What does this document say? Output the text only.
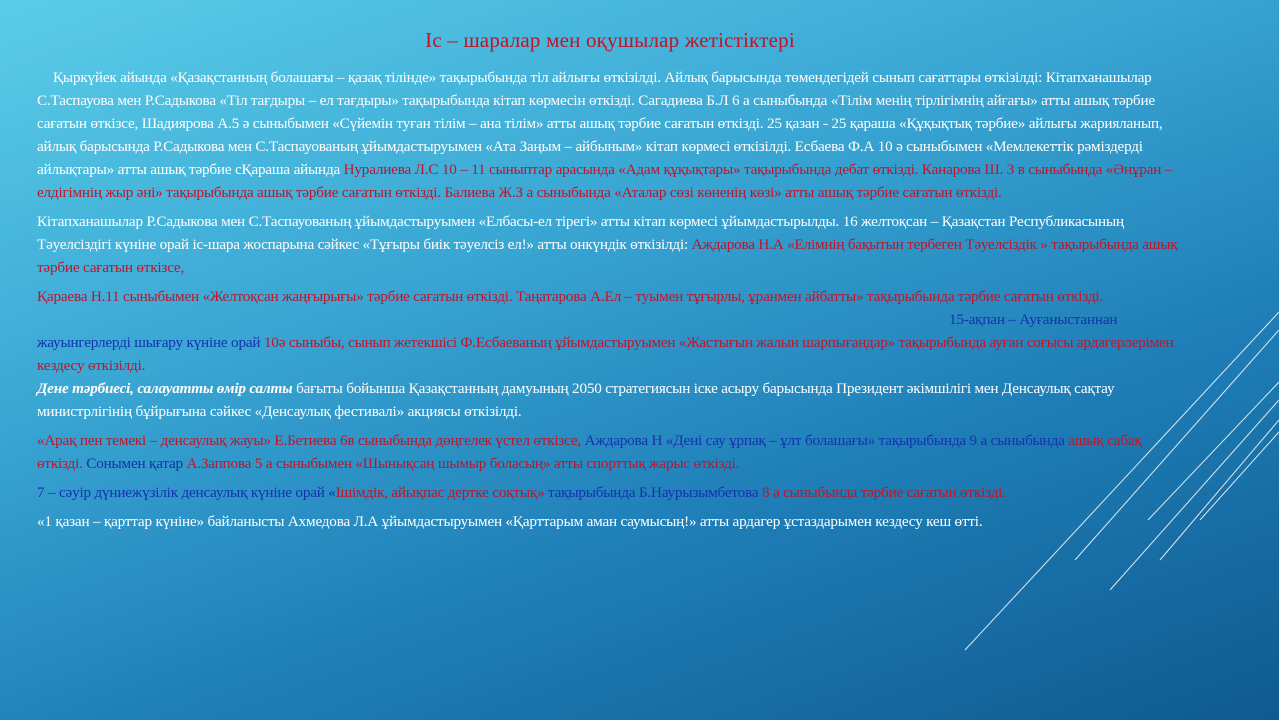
Іс – шаралар мен оқушылар жетістіктері

Қыркүйек айында «Қазақстанның болашағы – қазақ тілінде» тақырыбында тіл айлығы өткізілді. Айлық барысында төмендегідей сынып сағаттары өткізілді: Кітапханашылар С.Таспауова мен Р.Садыкова «Тіл тағдыры – ел тағдыры» тақырыбында кітап көрмесін өткізді. Сагадиева Б.Л 6 а сыныбында «Тілім менің тірлігімнің айғағы» атты ашық тәрбие сағатын өткізсе, Шадиярова А.5 ә сыныбымен «Сүйемін туған тілім – ана тілім» атты ашық тәрбие сағатын өткізді. 25 қазан - 25 қараша «Құқықтық тәрбие» айлығы жарияланып, айлық барысында Р.Садыкова мен С.Таспауованың ұйымдастыруымен «Ата Заңым – айбыным» кітап көрмесі өткізілді. Есбаева Ф.А 10 ә сыныбымен «Мемлекеттік рәміздерді айлықтары» атты ашық тәрбие сҚараша айында Нуралиева Л.С 10 – 11 сыныптар арасында «Адам құқықтары» тақырыбында дебат өткізді. Канарова Ш. 3 в сыныбында «Әнұран – елдігімнің жыр әні» тақырыбында ашық тәрбие сағатын өткізді. Балиева Ж.З а сыныбында «Аталар сөзі көненің көзі» атты ашық тәрбие сағатын өткізді.

Кітапханашылар Р.Садыкова мен С.Таспауованың ұйымдастыруымен «Елбасы-ел тірегі» атты кітап көрмесі ұйымдастырылды. 16 желтоқсан – Қазақстан Республикасының Тәуелсіздігі күніне орай іс-шара жоспарына сәйкес «Тұғыры биік тәуелсіз ел!» атты онкүндік өткізілді: Аждарова Н.А «Елімнің бақытын тербеген Тәуелсіздік » тақырыбында ашық тәрбие сағатын өткізсе,

Қараева Н.11 сыныбымен «Желтоқсан жаңғырығы» тәрбие сағатын өткізді. Таңатарова А.Ел – туымен тұғырлы, ұранмен айбатты» тақырыбында тәрбие сағатын өткізді.15-ақпан – Ауғаныстаннан жауынгерлерді шығару күніне орай 10ә сыныбы, сынып жетекшісі Ф.Есбаеваның ұйымдастыруымен «Жастығын жалын шарпығандар» тақырыбында ауған соғысы ардагерлерімен кездесу өткізілді.

Дене тәрбиесі, салауатты өмір салты бағыты бойынша Қазақстанның дамуының 2050 стратегиясын іске асыру барысында Президент әкімшілігі мен Денсаулық сақтау министрлігінің бұйрығына сәйкес «Денсаулық фестивалі» акциясы өткізілді.

«Арақ пен темекі – денсаулық жауы» Е.Бетиева 6в сыныбында дөңгелек үстел өткізсе, Аждарова Н «Дені сау ұрпақ – ұлт болашағы» тақырыбында 9 а сыныбында ашық сабақ өткізді. Сонымен қатар А.Заппова 5 а сыныбымен «Шынықсаң шымыр боласың» атты спорттық жарыс өткізді.

7 – сәуір дүниежүзілік денсаулық күніне орай «Ішімдік, айықпас дертке соқтық» тақырыбында Б.Наурызымбетова 8 ә сыныбында тәрбие сағатын өткізді.

«1 қазан – қарттар күніне» байланысты Ахмедова Л.А ұйымдастыруымен «Қарттарым аман саумысың!» атты ардагер ұстаздарымен кездесу кеш өтті.
